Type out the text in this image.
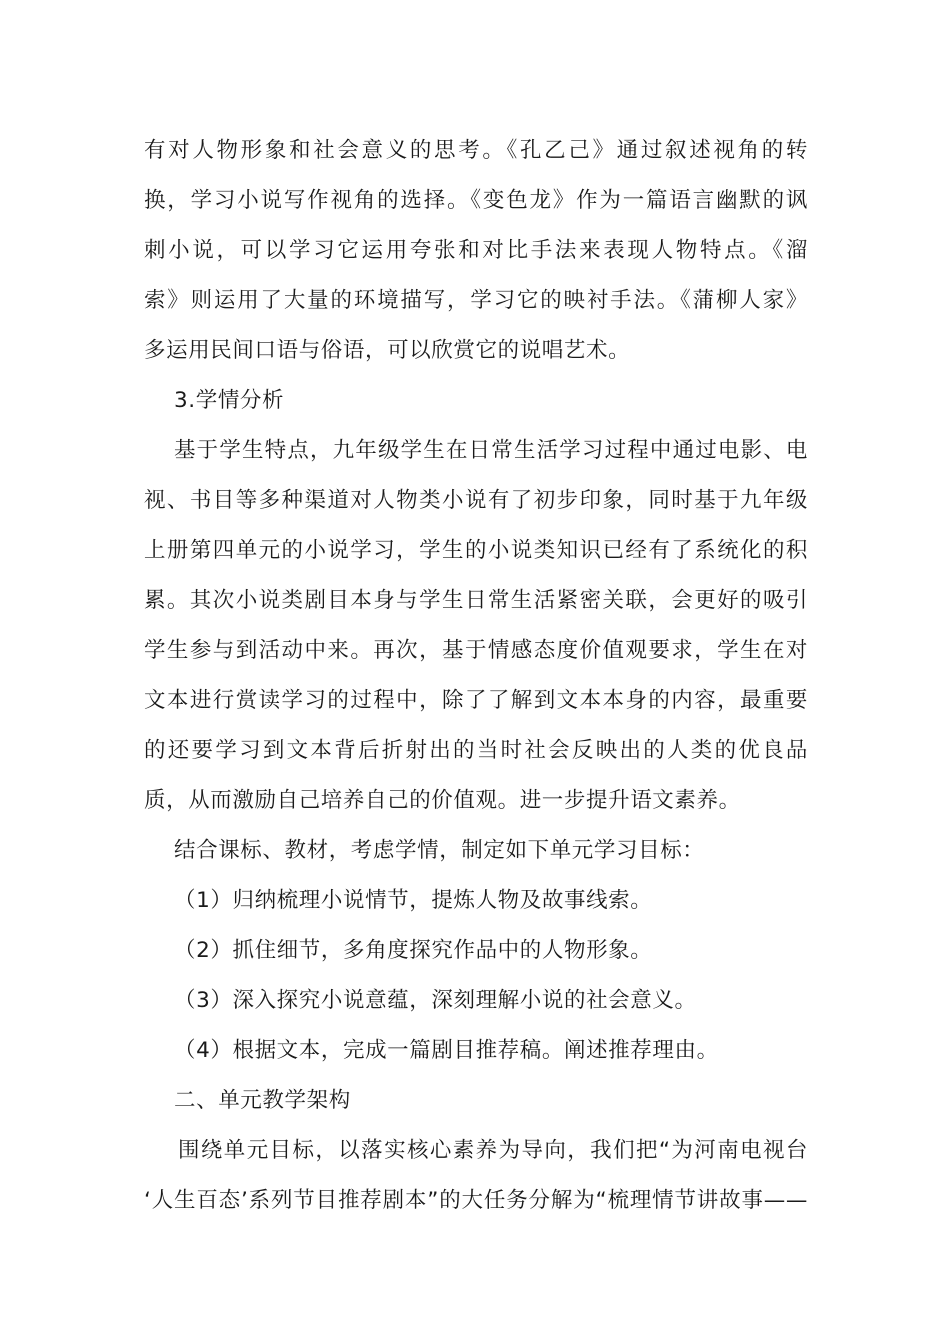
有对人物形象和社会意义的思考。《孔乙己》通过叙述视角的转
换，学习小说写作视角的选择。《变色龙》作为一篇语言幽默的讽
刺小说，可以学习它运用夸张和对比手法来表现人物特点。《溜
索》则运用了大量的环境描写，学习它的映衬手法。《蒲柳人家》
多运用民间口语与俗语，可以欣赏它的说唱艺术。
3.学情分析
基于学生特点，九年级学生在日常生活学习过程中通过电影、电
视、书目等多种渠道对人物类小说有了初步印象，同时基于九年级
上册第四单元的小说学习，学生的小说类知识已经有了系统化的积
累。其次小说类剧目本身与学生日常生活紧密关联，会更好的吸引
学生参与到活动中来。再次，基于情感态度价值观要求，学生在对
文本进行赏读学习的过程中，除了了解到文本本身的内容，最重要
的还要学习到文本背后折射出的当时社会反映出的人类的优良品
质，从而激励自己培养自己的价值观。进一步提升语文素养。
结合课标、教材，考虑学情，制定如下单元学习目标：
（1）归纳梳理小说情节，提炼人物及故事线索。
（2）抓住细节，多角度探究作品中的人物形象。
（3）深入探究小说意蕴，深刻理解小说的社会意义。
（4）根据文本，完成一篇剧目推荐稿。阐述推荐理由。
二、单元教学架构
围绕单元目标，以落实核心素养为导向，我们把“为河南电视台
‘人生百态’系列节目推荐剧本”的大任务分解为“梳理情节讲故事——
